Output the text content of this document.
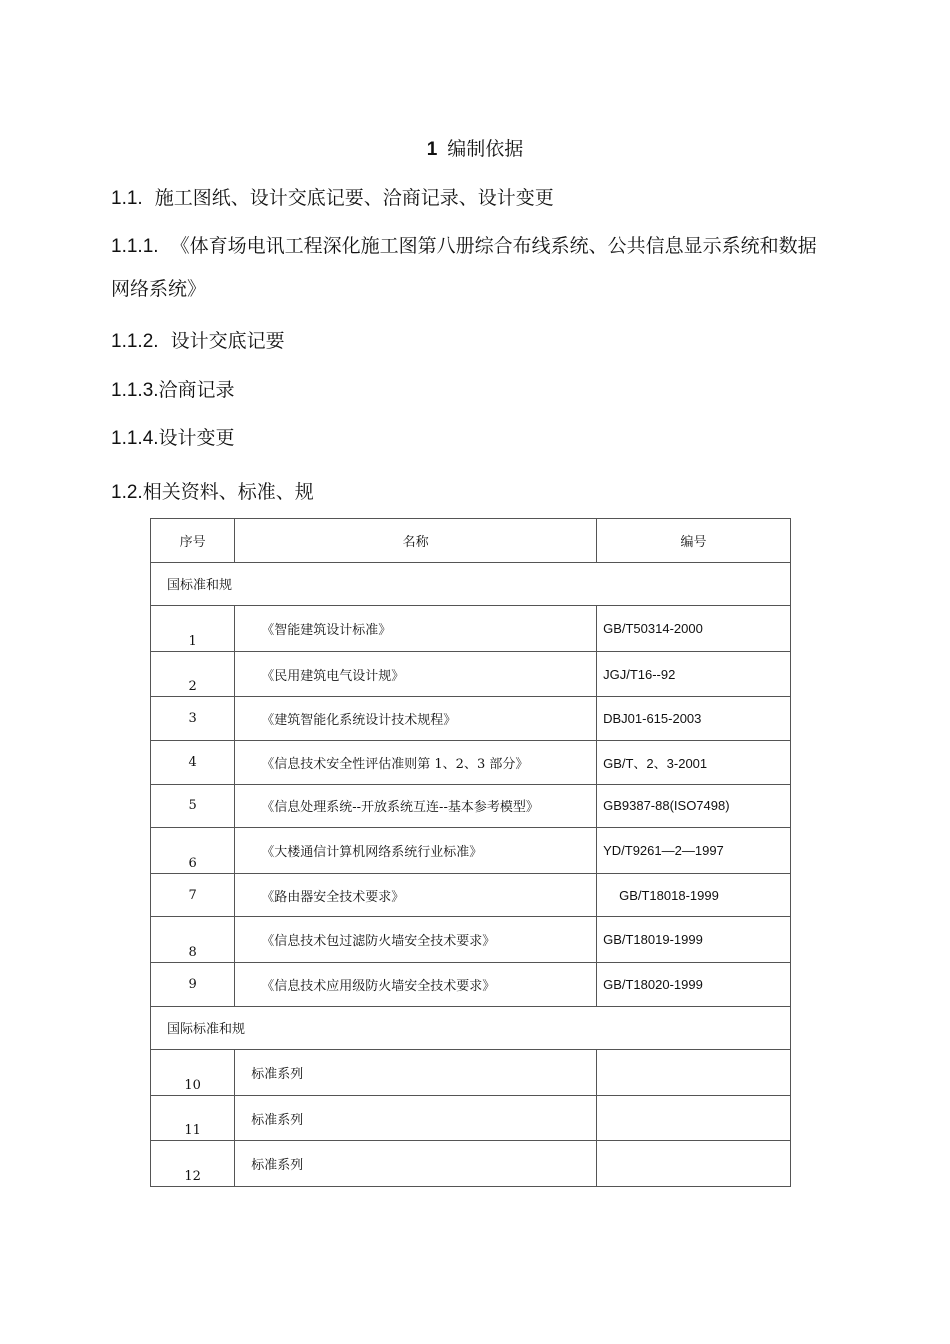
1 编制依据
1.1. 施工图纸、设计交底记要、洽商记录、设计变更
1.1.1. 《体育场电讯工程深化施工图第八册综合布线系统、公共信息显示系统和数据网络系统》
1.1.2. 设计交底记要
1.1.3.洽商记录
1.1.4.设计变更
1.2.相关资料、标准、规
序号	名称	编号
国标准和规		
1	《智能建筑设计标准》	GB/T50314-2000
2	《民用建筑电气设计规》	JGJ/T16--92
3	《建筑智能化系统设计技术规程》	DBJ01-615-2003
4	《信息技术安全性评估准则第 1、2、3 部分》	GB/T、2、3-2001
5	《信息处理系统--开放系统互连--基本参考模型》	GB9387-88(ISO7498)
6	《大楼通信计算机网络系统行业标准》	YD/T9261—2—1997
7	《路由器安全技术要求》	GB/T18018-1999
8	《信息技术包过滤防火墙安全技术要求》	GB/T18019-1999
9	《信息技术应用级防火墙安全技术要求》	GB/T18020-1999
国际标准和规		
10	标准系列	
11	标准系列	
12	标准系列	
